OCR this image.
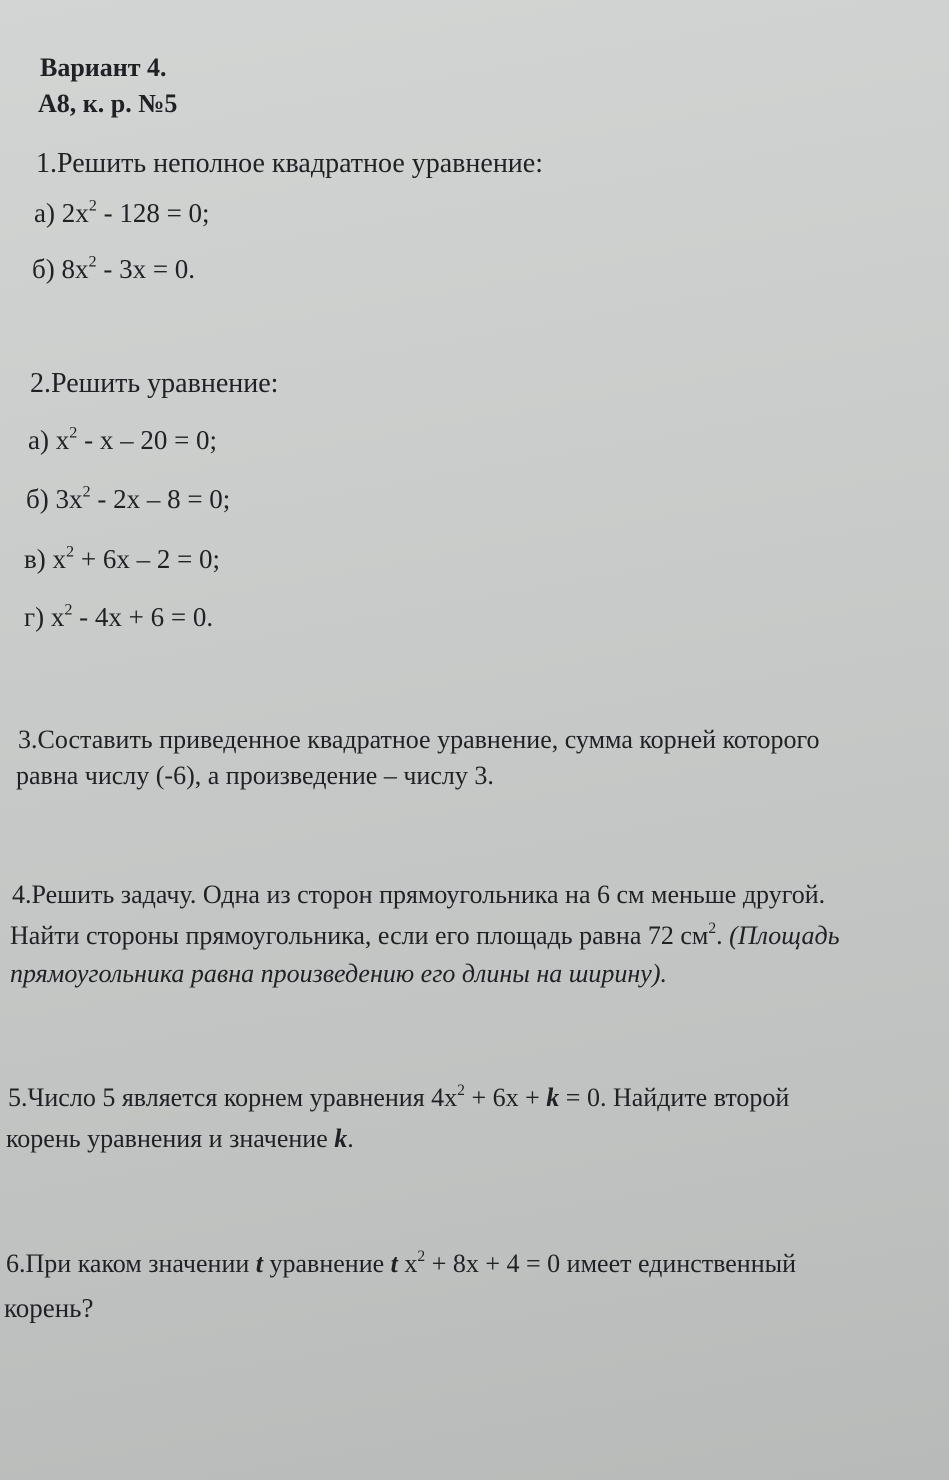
Вариант 4.
А8, к. р. №5
1.Решить неполное квадратное уравнение:
а) $2x^2 - 128 = 0$;
б) $8x^2 - 3x = 0$.
2.Решить уравнение:
а) $x^2 - x - 20 = 0$;
б) $3x^2 - 2x - 8 = 0$;
в) $x^2 + 6x - 2 = 0$;
г) $x^2 - 4x + 6 = 0$.
3.Составить приведенное квадратное уравнение, сумма корней которого
равна числу (-6), а произведение – числу 3.
4.Решить задачу. Одна из сторон прямоугольника на 6 см меньше другой.
Найти стороны прямоугольника, если его площадь равна 72 $см^2$. (Площадь
прямоугольника равна произведению его длины на ширину).
5.Число 5 является корнем уравнения $4x^2 + 6x + k = 0$. Найдите второй
корень уравнения и значение k.
6.При каком значении t уравнение t $x^2 + 8x + 4 = 0$ имеет единственный
корень?
